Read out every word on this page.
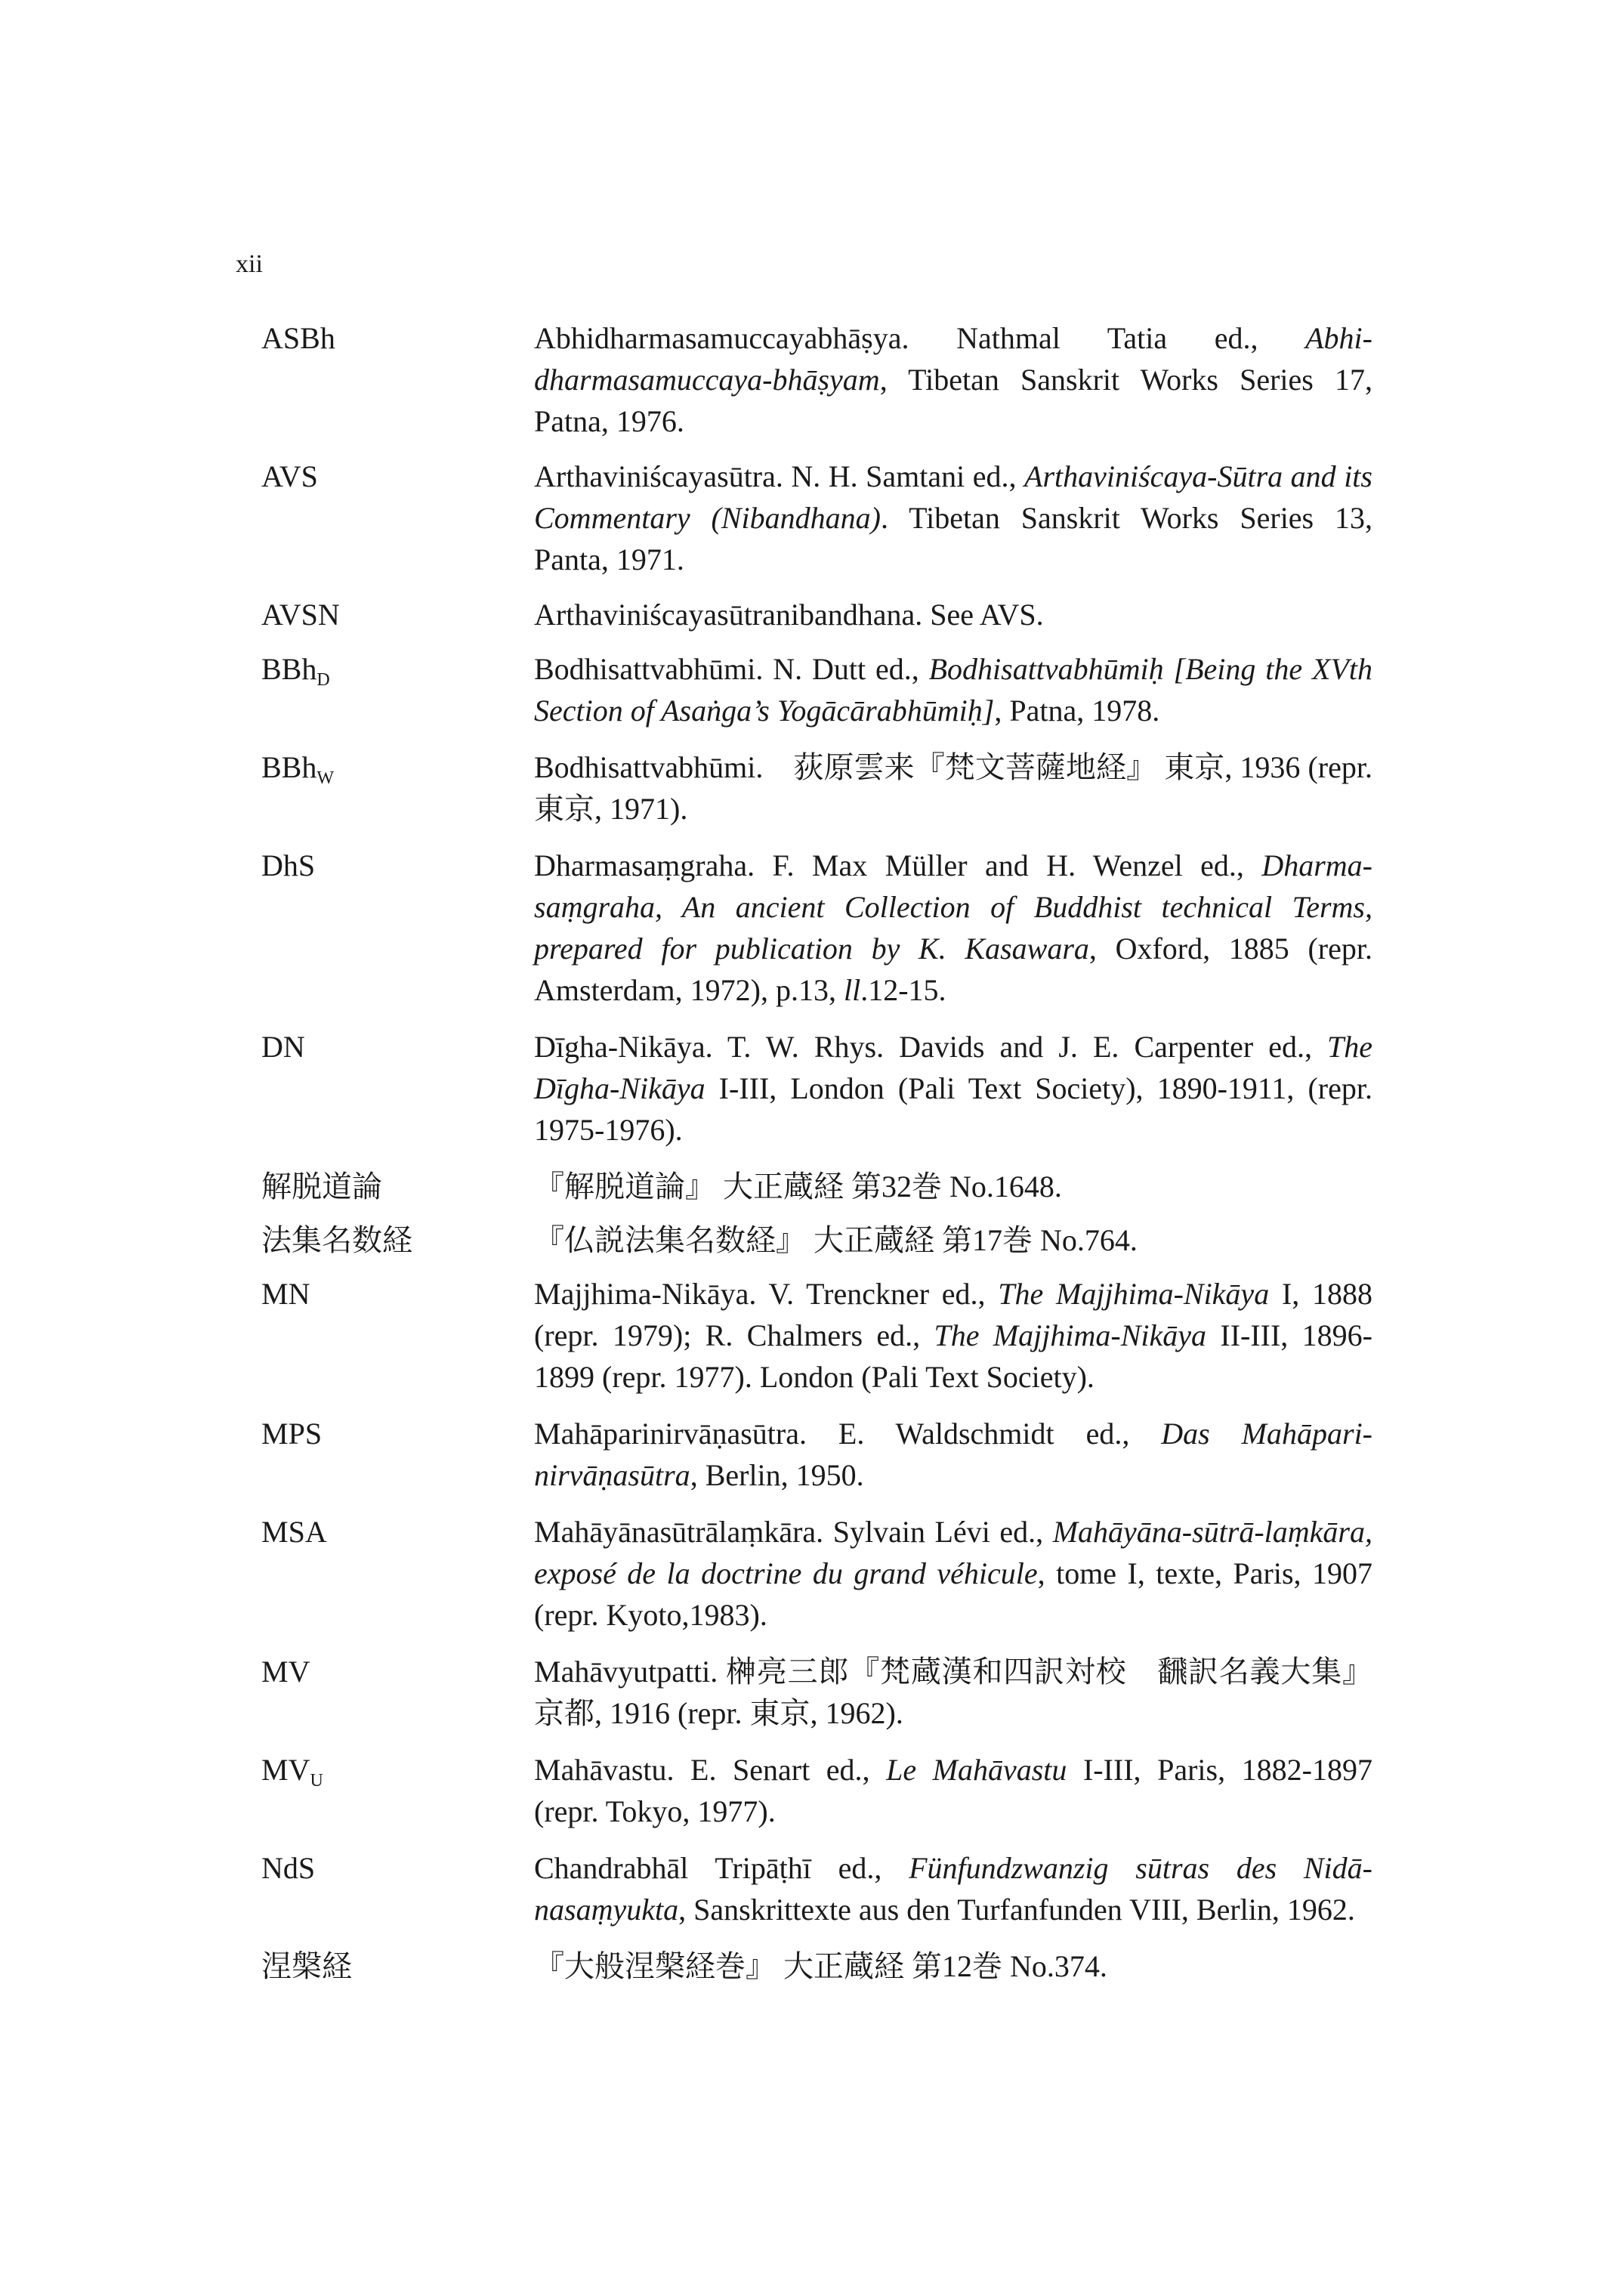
xii
ASBh	Abhidharmasamuccayabhāṣya. Nathmal Tatia ed., Abhi-dharmasamuccaya-bhāṣyam, Tibetan Sanskrit Works Series 17, Patna, 1976.
AVS	Arthaviniścayasūtra. N. H. Samtani ed., Arthaviniścaya-Sūtra and its Commentary (Nibandhana). Tibetan Sanskrit Works Series 13, Panta, 1971.
AVSN	Arthaviniścayasūtranibandhana. See AVS.
BBh$_D$	Bodhisattvabhūmi. N. Dutt ed., Bodhisattvabhūmiḥ [Being the XVth Section of Asaṅga’s Yogācārabhūmiḥ], Patna, 1978.
BBh$_W$	Bodhisattvabhūmi.　荻原雲来『梵文菩薩地経』 東京, 1936 (repr. 東京, 1971).
DhS	Dharmasaṃgraha. F. Max Müller and H. Wenzel ed., Dharma-saṃgraha, An ancient Collection of Buddhist technical Terms, prepared for publication by K. Kasawara, Oxford, 1885 (repr. Amsterdam, 1972), p.13, ll.12-15.
DN	Dīgha-Nikāya. T. W. Rhys. Davids and J. E. Carpenter ed., The Dīgha-Nikāya I-III, London (Pali Text Society), 1890-1911, (repr. 1975-1976).
解脱道論	『解脱道論』 大正蔵経 第32巻 No.1648.
法集名数経	『仏説法集名数経』 大正蔵経 第17巻 No.764.
MN	Majjhima-Nikāya. V. Trenckner ed., The Majjhima-Nikāya I, 1888 (repr. 1979); R. Chalmers ed., The Majjhima-Nikāya II-III, 1896-1899 (repr. 1977). London (Pali Text Society).
MPS	Mahāparinirvāṇasūtra. E. Waldschmidt ed., Das Mahāpari-nirvāṇasūtra, Berlin, 1950.
MSA	Mahāyānasūtrālaṃkāra. Sylvain Lévi ed., Mahāyāna-sūtrā-laṃkāra, exposé de la doctrine du grand véhicule, tome I, texte, Paris, 1907 (repr. Kyoto,1983).
MV	Mahāvyutpatti. 榊亮三郎『梵蔵漢和四訳対校　飜訳名義大集』 京都, 1916 (repr. 東京, 1962).
$MV_U$	Mahāvastu. E. Senart ed., Le Mahāvastu I-III, Paris, 1882-1897 (repr. Tokyo, 1977).
NdS	Chandrabhāl Tripāṭhī ed., Fünfundzwanzig sūtras des Nidā-nasaṃyukta, Sanskrittexte aus den Turfanfunden VIII, Berlin, 1962.
涅槃経	『大般涅槃経巻』 大正蔵経 第12巻 No.374.
